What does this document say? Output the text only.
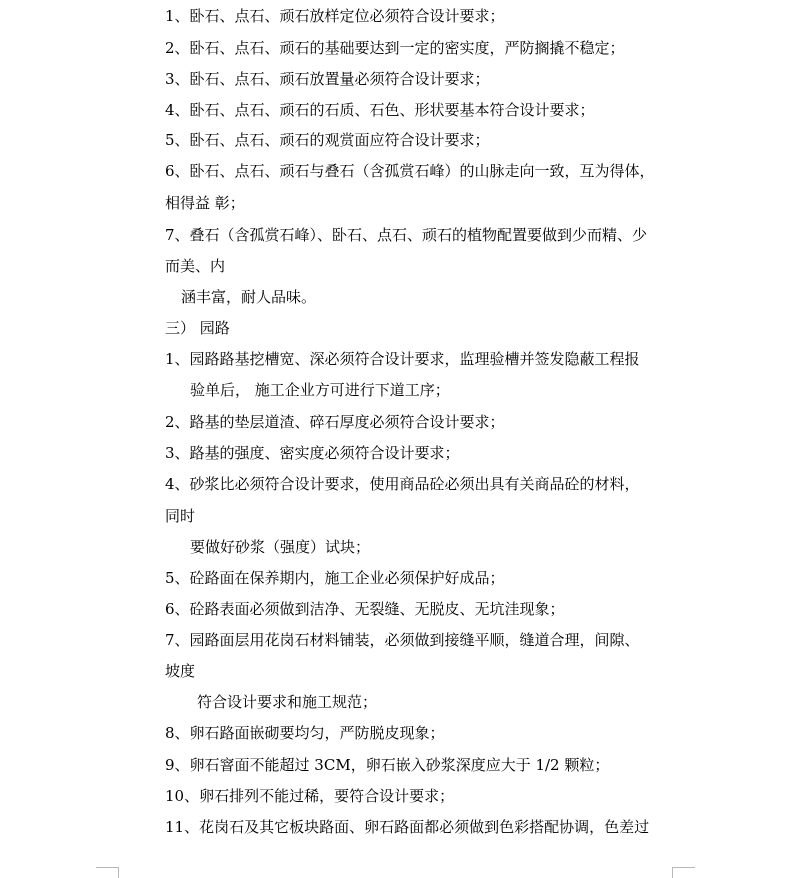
1、卧石、点石、顽石放样定位必须符合设计要求；
2、卧石、点石、顽石的基础要达到一定的密实度，严防搁撬不稳定；
3、卧石、点石、顽石放置量必须符合设计要求；
4、卧石、点石、顽石的石质、石色、形状要基本符合设计要求；
5、卧石、点石、顽石的观赏面应符合设计要求；
6、卧石、点石、顽石与叠石（含孤赏石峰）的山脉走向一致，互为得体，
相得益 彰；
7、叠石（含孤赏石峰）、卧石、点石、顽石的植物配置要做到少而精、少
而美、内
涵丰富，耐人品味。
三） 园路
1、园路路基挖槽宽、深必须符合设计要求，监理验槽并签发隐蔽工程报
验单后， 施工企业方可进行下道工序；
2、路基的垫层道渣、碎石厚度必须符合设计要求；
3、路基的强度、密实度必须符合设计要求；
4、砂浆比必须符合设计要求，使用商品砼必须出具有关商品砼的材料，
同时
要做好砂浆（强度）试块；
5、砼路面在保养期内，施工企业必须保护好成品；
6、砼路表面必须做到洁净、无裂缝、无脱皮、无坑洼现象；
7、园路面层用花岗石材料铺装，必须做到接缝平顺，缝道合理，间隙、
坡度
符合设计要求和施工规范；
8、卵石路面嵌砌要均匀，严防脱皮现象；
9、卵石窨面不能超过 3CM，卵石嵌入砂浆深度应大于 1/2 颗粒；
10、卵石排列不能过稀，要符合设计要求；
11、花岗石及其它板块路面、卵石路面都必须做到色彩搭配协调，色差过
